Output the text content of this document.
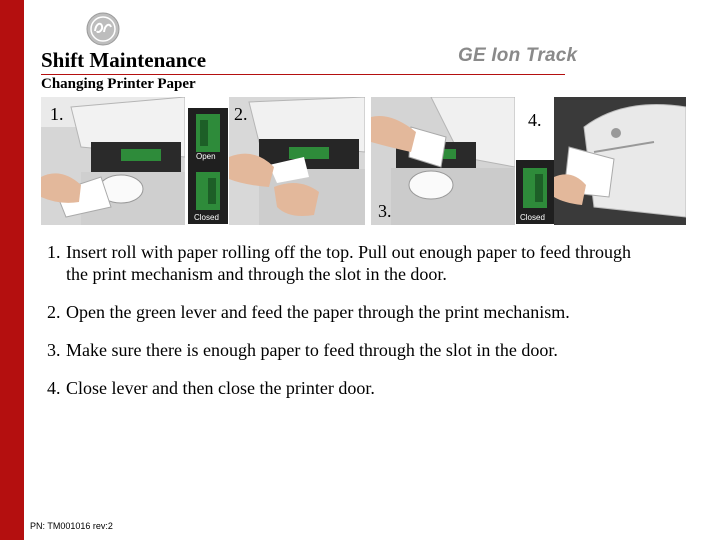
Shift Maintenance	GE Ion Track
Changing Printer Paper
1.
Open
Closed
2.
3.	Closed
4.
1. Insert roll with paper rolling off the top. Pull out enough paper to feed through the print mechanism and through the slot in the door.
2. Open the green lever and feed the paper through the print mechanism.
3. Make sure there is enough paper to feed through the slot in the door.
4. Close lever and then close the printer door.
PN: TM001016 rev:2
